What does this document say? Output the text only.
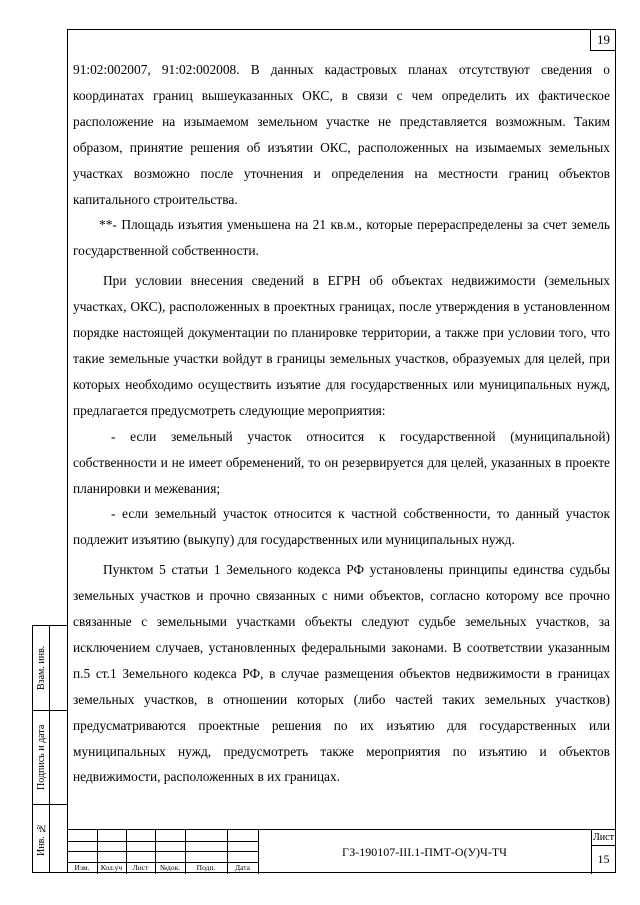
19

91:02:002007, 91:02:002008. В данных кадастровых планах отсутствуют сведения о координатах границ вышеуказанных ОКС, в связи с чем определить их фактическое расположение на изымаемом земельном участке не представляется возможным. Таким образом, принятие решения об изъятии ОКС, расположенных на изымаемых земельных участках возможно после уточнения и определения на местности границ объектов капитального строительства.

**- Площадь изъятия уменьшена на 21 кв.м., которые перераспределены за счет земель государственной собственности.

При условии внесения сведений в ЕГРН об объектах недвижимости (земельных участках, ОКС), расположенных в проектных границах, после утверждения в установленном порядке настоящей документации по планировке территории, а также при условии того, что такие земельные участки войдут в границы земельных участков, образуемых для целей, при которых необходимо осуществить изъятие для государственных или муниципальных нужд, предлагается предусмотреть следующие мероприятия:

- если земельный участок относится к государственной (муниципальной) собственности и не имеет обременений, то он резервируется для целей, указанных в проекте планировки и межевания;

- если земельный участок относится к частной собственности, то данный участок подлежит изъятию (выкупу) для государственных или муниципальных нужд.

Пунктом 5 статьи 1 Земельного кодекса РФ установлены принципы единства судьбы земельных участков и прочно связанных с ними объектов, согласно которому все прочно связанные с земельными участками объекты следуют судьбе земельных участков, за исключением случаев, установленных федеральными законами. В соответствии указанным п.5 ст.1 Земельного кодекса РФ, в случае размещения объектов недвижимости в границах земельных участков, в отношении которых (либо частей таких земельных участков) предусматриваются проектные решения по их изъятию для государственных или муниципальных нужд, предусмотреть также мероприятия по изъятию и объектов недвижимости, расположенных в их границах.

Взам. инв.
Подпись и дата
Инв. №
Изм.	Кол.уч	Лист	№док.	Подп.	Дата
ГЗ-190107-III.1-ПМТ-О(У)Ч-ТЧ
Лист
15
